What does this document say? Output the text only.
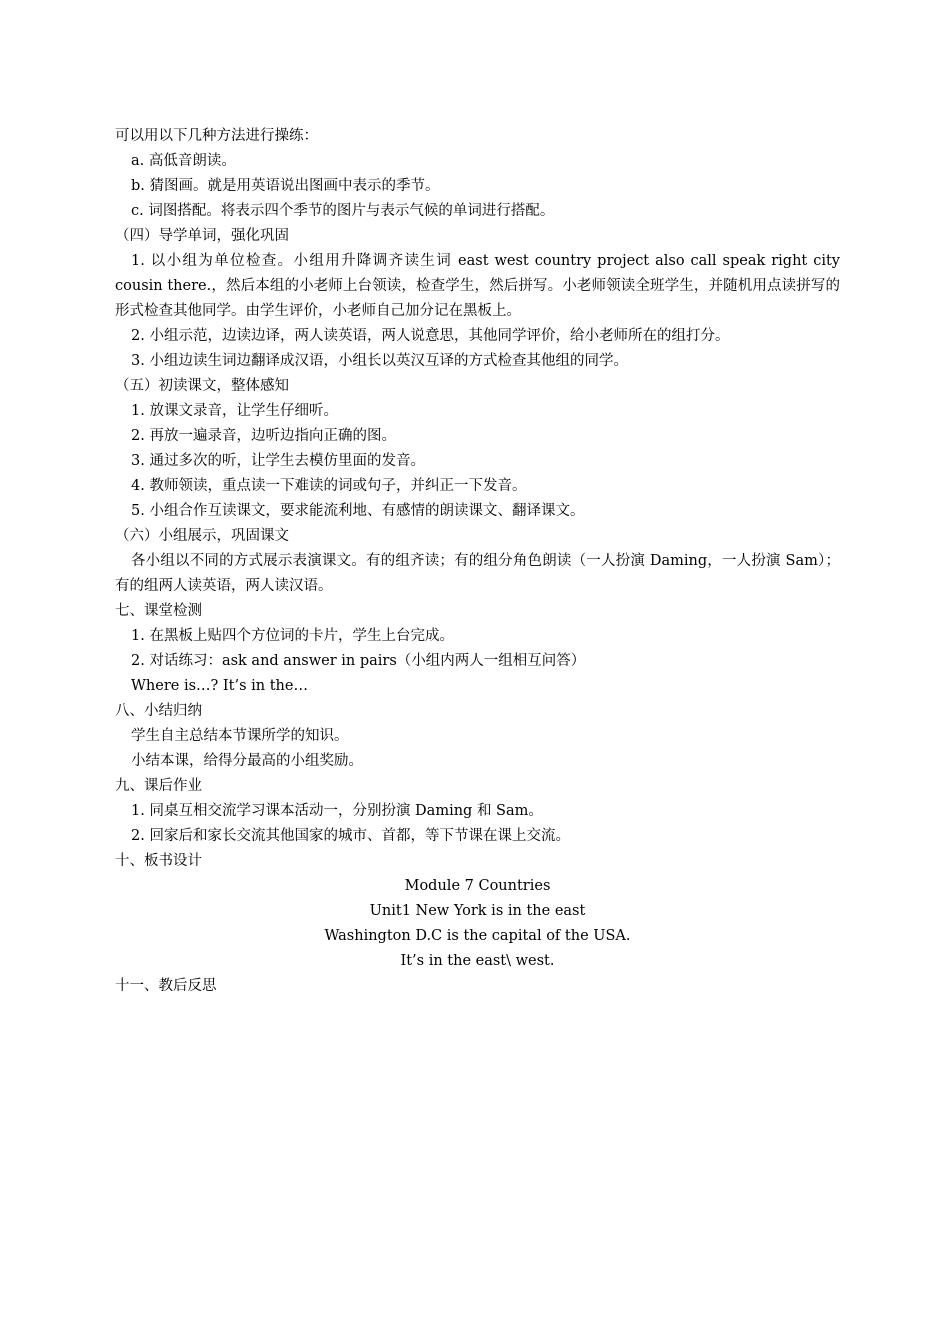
可以用以下几种方法进行操练：
a. 高低音朗读。
b. 猜图画。就是用英语说出图画中表示的季节。
c. 词图搭配。将表示四个季节的图片与表示气候的单词进行搭配。
（四）导学单词，强化巩固
1. 以小组为单位检查。小组用升降调齐读生词 east west country project also call speak right city cousin there.，然后本组的小老师上台领读，检查学生，然后拼写。小老师领读全班学生，并随机用点读拼写的形式检查其他同学。由学生评价，小老师自己加分记在黑板上。
2. 小组示范，边读边译，两人读英语，两人说意思，其他同学评价，给小老师所在的组打分。
3. 小组边读生词边翻译成汉语，小组长以英汉互译的方式检查其他组的同学。
（五）初读课文，整体感知
1. 放课文录音，让学生仔细听。
2. 再放一遍录音，边听边指向正确的图。
3. 通过多次的听，让学生去模仿里面的发音。
4. 教师领读，重点读一下难读的词或句子，并纠正一下发音。
5. 小组合作互读课文，要求能流利地、有感情的朗读课文、翻译课文。
（六）小组展示，巩固课文
各小组以不同的方式展示表演课文。有的组齐读；有的组分角色朗读（一人扮演 Daming，一人扮演 Sam）；有的组两人读英语，两人读汉语。
七、课堂检测
1. 在黑板上贴四个方位词的卡片，学生上台完成。
2. 对话练习：ask and answer in pairs（小组内两人一组相互问答）
Where is…? It’s in the…
八、小结归纳
学生自主总结本节课所学的知识。
小结本课，给得分最高的小组奖励。
九、课后作业
1. 同桌互相交流学习课本活动一，分别扮演 Daming 和 Sam。
2. 回家后和家长交流其他国家的城市、首都，等下节课在课上交流。
十、板书设计
Module 7 Countries
Unit1 New York is in the east
Washington D.C is the capital of the USA.
It’s in the east\ west.
十一、教后反思
